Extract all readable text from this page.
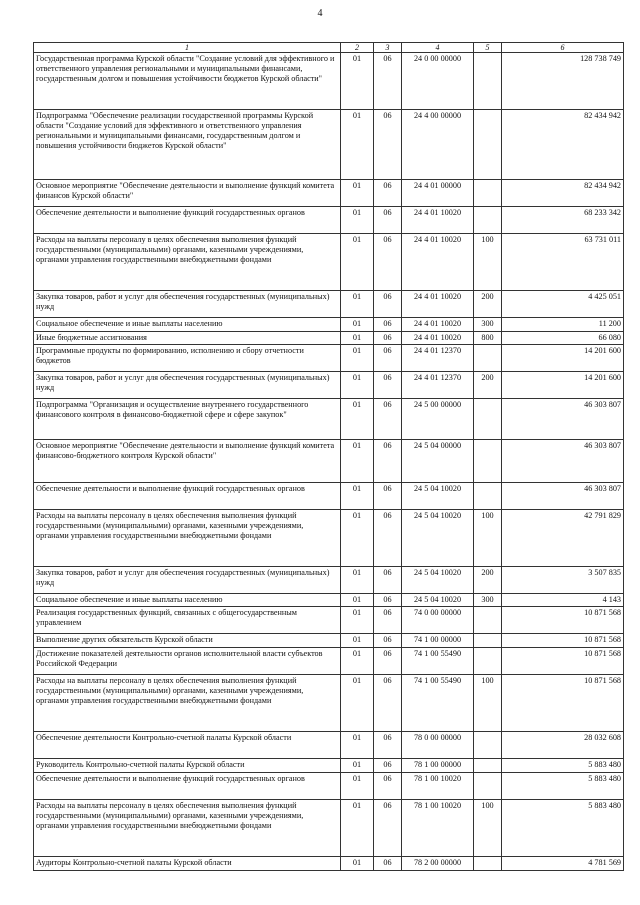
4
1	2	3	4	5	6
Государственная программа Курской области "Создание условий для эффективного и ответственного управления региональными и муниципальными финансами, государственным долгом и повышения устойчивости бюджетов Курской области"	01	06	24 0 00 00000		128 738 749
Подпрограмма "Обеспечение реализации государственной программы Курской области "Создание условий для эффективного и ответственного управления региональными и муниципальными финансами, государственным долгом и повышения устойчивости бюджетов Курской области"	01	06	24 4 00 00000		82 434 942
Основное мероприятие "Обеспечение деятельности и выполнение функций комитета финансов Курской области"	01	06	24 4 01 00000		82 434 942
Обеспечение деятельности и выполнение функций государственных органов	01	06	24 4 01 10020		68 233 342
Расходы на выплаты персоналу в целях обеспечения выполнения функций государственными (муниципальными) органами, казенными учреждениями, органами управления государственными внебюджетными фондами	01	06	24 4 01 10020	100	63 731 011
Закупка товаров, работ и услуг для обеспечения государственных (муниципальных) нужд	01	06	24 4 01 10020	200	4 425 051
Социальное обеспечение и иные выплаты населению	01	06	24 4 01 10020	300	11 200
Иные бюджетные ассигнования	01	06	24 4 01 10020	800	66 080
Программные продукты по формированию, исполнению и сбору отчетности бюджетов	01	06	24 4 01 12370		14 201 600
Закупка товаров, работ и услуг для обеспечения государственных (муниципальных) нужд	01	06	24 4 01 12370	200	14 201 600
Подпрограмма "Организация и осуществление внутреннего государственного финансового контроля в финансово-бюджетной сфере и сфере закупок"	01	06	24 5 00 00000		46 303 807
Основное мероприятие "Обеспечение деятельности и выполнение функций комитета финансово-бюджетного контроля Курской области"	01	06	24 5 04 00000		46 303 807
Обеспечение деятельности и выполнение функций государственных органов	01	06	24 5 04 10020		46 303 807
Расходы на выплаты персоналу в целях обеспечения выполнения функций государственными (муниципальными) органами, казенными учреждениями, органами управления государственными внебюджетными фондами	01	06	24 5 04 10020	100	42 791 829
Закупка товаров, работ и услуг для обеспечения государственных (муниципальных) нужд	01	06	24 5 04 10020	200	3 507 835
Социальное обеспечение и иные выплаты населению	01	06	24 5 04 10020	300	4 143
Реализация государственных функций, связанных с общегосударственным управлением	01	06	74 0 00 00000		10 871 568
Выполнение других обязательств Курской области	01	06	74 1 00 00000		10 871 568
Достижение показателей деятельности органов исполнительной власти субъектов Российской Федерации	01	06	74 1 00 55490		10 871 568
Расходы на выплаты персоналу в целях обеспечения выполнения функций государственными (муниципальными) органами, казенными учреждениями, органами управления государственными внебюджетными фондами	01	06	74 1 00 55490	100	10 871 568
Обеспечение деятельности Контрольно-счетной палаты Курской области	01	06	78 0 00 00000		28 032 608
Руководитель Контрольно-счетной палаты Курской области	01	06	78 1 00 00000		5 883 480
Обеспечение деятельности и выполнение функций государственных органов	01	06	78 1 00 10020		5 883 480
Расходы на выплаты персоналу в целях обеспечения выполнения функций государственными (муниципальными) органами, казенными учреждениями, органами управления государственными внебюджетными фондами	01	06	78 1 00 10020	100	5 883 480
Аудиторы Контрольно-счетной палаты Курской области	01	06	78 2 00 00000		4 781 569
